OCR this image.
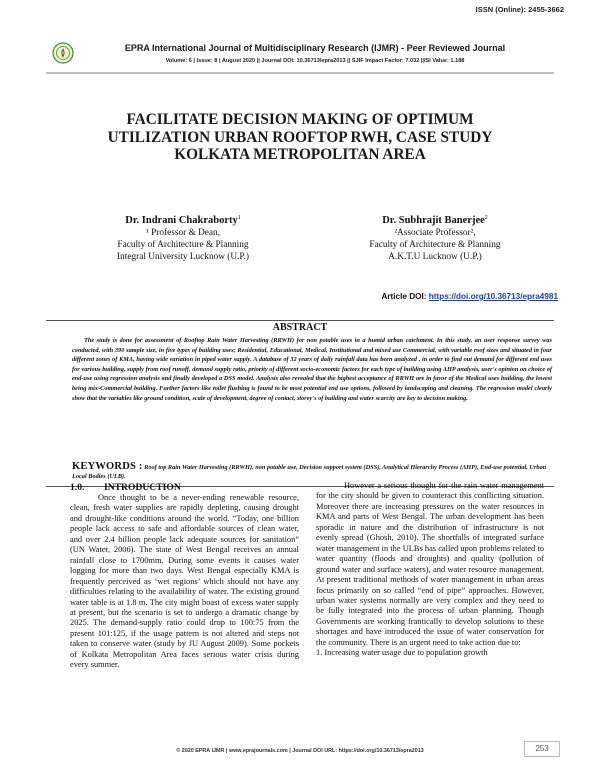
ISSN (Online): 2455-3662
EPRA International Journal of Multidisciplinary Research (IJMR) - Peer Reviewed Journal
Volume: 6 | Issue: 8 | August 2020 || Journal DOI: 10.36713/epra2013 || SJIF Impact Factor: 7.032 ||ISI Value: 1.188
FACILITATE DECISION MAKING OF OPTIMUM
UTILIZATION URBAN ROOFTOP RWH, CASE STUDY
KOLKATA METROPOLITAN AREA
Dr. Indrani Chakraborty$^1$
¹ Professor & Dean,
Faculty of Architecture & Planning
Integral University Lucknow (U.P.)
Dr. Subhrajit Banerjee$^2$
²Associate Professor²,
Faculty of Architecture & Planning
A.K.T.U Lucknow (U.P.)
Article DOI: https://doi.org/10.36713/epra4981
ABSTRACT
The study is done for assessment of Rooftop Rain Water Harvesting (RRWH) for non potable uses in a humid urban catchment. In this study, an user response survey was conducted, with 390 sample size, in five types of building uses; Residential, Educational, Medical, Institutional and mixed use Commercial, with variable roof sizes and situated in four different zones of KMA, having wide variation in piped water supply. A database of 32 years of daily rainfall data has been analyzed , in order to find out demand for different end uses for various building, supply from roof runoff, demand supply ratio, priority of different socio-economic factors for each type of building using AHP analysis, user's opinion on choice of end-use using regression analysis and finally developed a DSS model. Analysis also revealed that the highest acceptance of RRWH are in favor of the Medical uses building, the lowest being mix-Commercial building. Further factors like toilet flushing is found to be most potential end use options, followed by landscaping and cleaning. The regression model clearly show that the variables like ground condition, scale of development, degree of contact, storey's of building and water scarcity are key to decision making.
KEYWORDS : Roof top Rain Water Harvesting (RRWH), non potable use, Decision support system (DSS), Analytical Hierarchy Process (AHP), End-use potential, Urban Local Bodies (ULB).
1.0. INTRODUCTION

Once thought to be a never-ending renewable resource, clean, fresh water supplies are rapidly depleting, causing drought and drought-like conditions around the world. “Today, one billion people lack access to safe and affordable sources of clean water, and over 2.4 billion people lack adequate sources for sanitation” (UN Water, 2006). The state of West Bengal receives an annual rainfall close to 1700mm. During some events it causes water logging for more than two days. West Bengal especially KMA is frequently perceived as ‘wet regions’ which should not have any difficulties relating to the availability of water. The existing ground water table is at 1.8 m. The city might boast of excess water supply at present, but the scenario is set to undergo a dramatic change by 2025. The demand-supply ratio could drop to 100:75 from the present 101:125, if the usage pattern is not altered and steps not taken to conserve water (study by JU August 2009). Some pockets of Kolkata Metropolitan Area faces serious water crisis during every summer.

However a serious thought for the rain water management for the city should be given to counteract this conflicting situation. Moreover there are increasing pressures on the water resources in KMA and parts of West Bengal. The urban development has been sporadic in nature and the distribution of infrastructure is not evenly spread (Ghosh, 2010). The shortfalls of integrated surface water management in the ULBs has called upon problems related to water quantity (floods and droughts) and quality (pollution of ground water and surface waters), and water resource management. At present traditional methods of water management in urban areas focus primarily on so called “end of pipe” approaches. However, urban water systems normally are very complex and they need to be fully integrated into the process of urban planning. Though Governments are working frantically to develop solutions to these shortages and have introduced the issue of water conservation for the community. There is an urgent need to take action due to:

1. Increasing water usage due to population growth

© 2020 EPRA IJMR | www.eprajournals.com | Journal DOI URL: https://doi.org/10.36713/epra2013	253
